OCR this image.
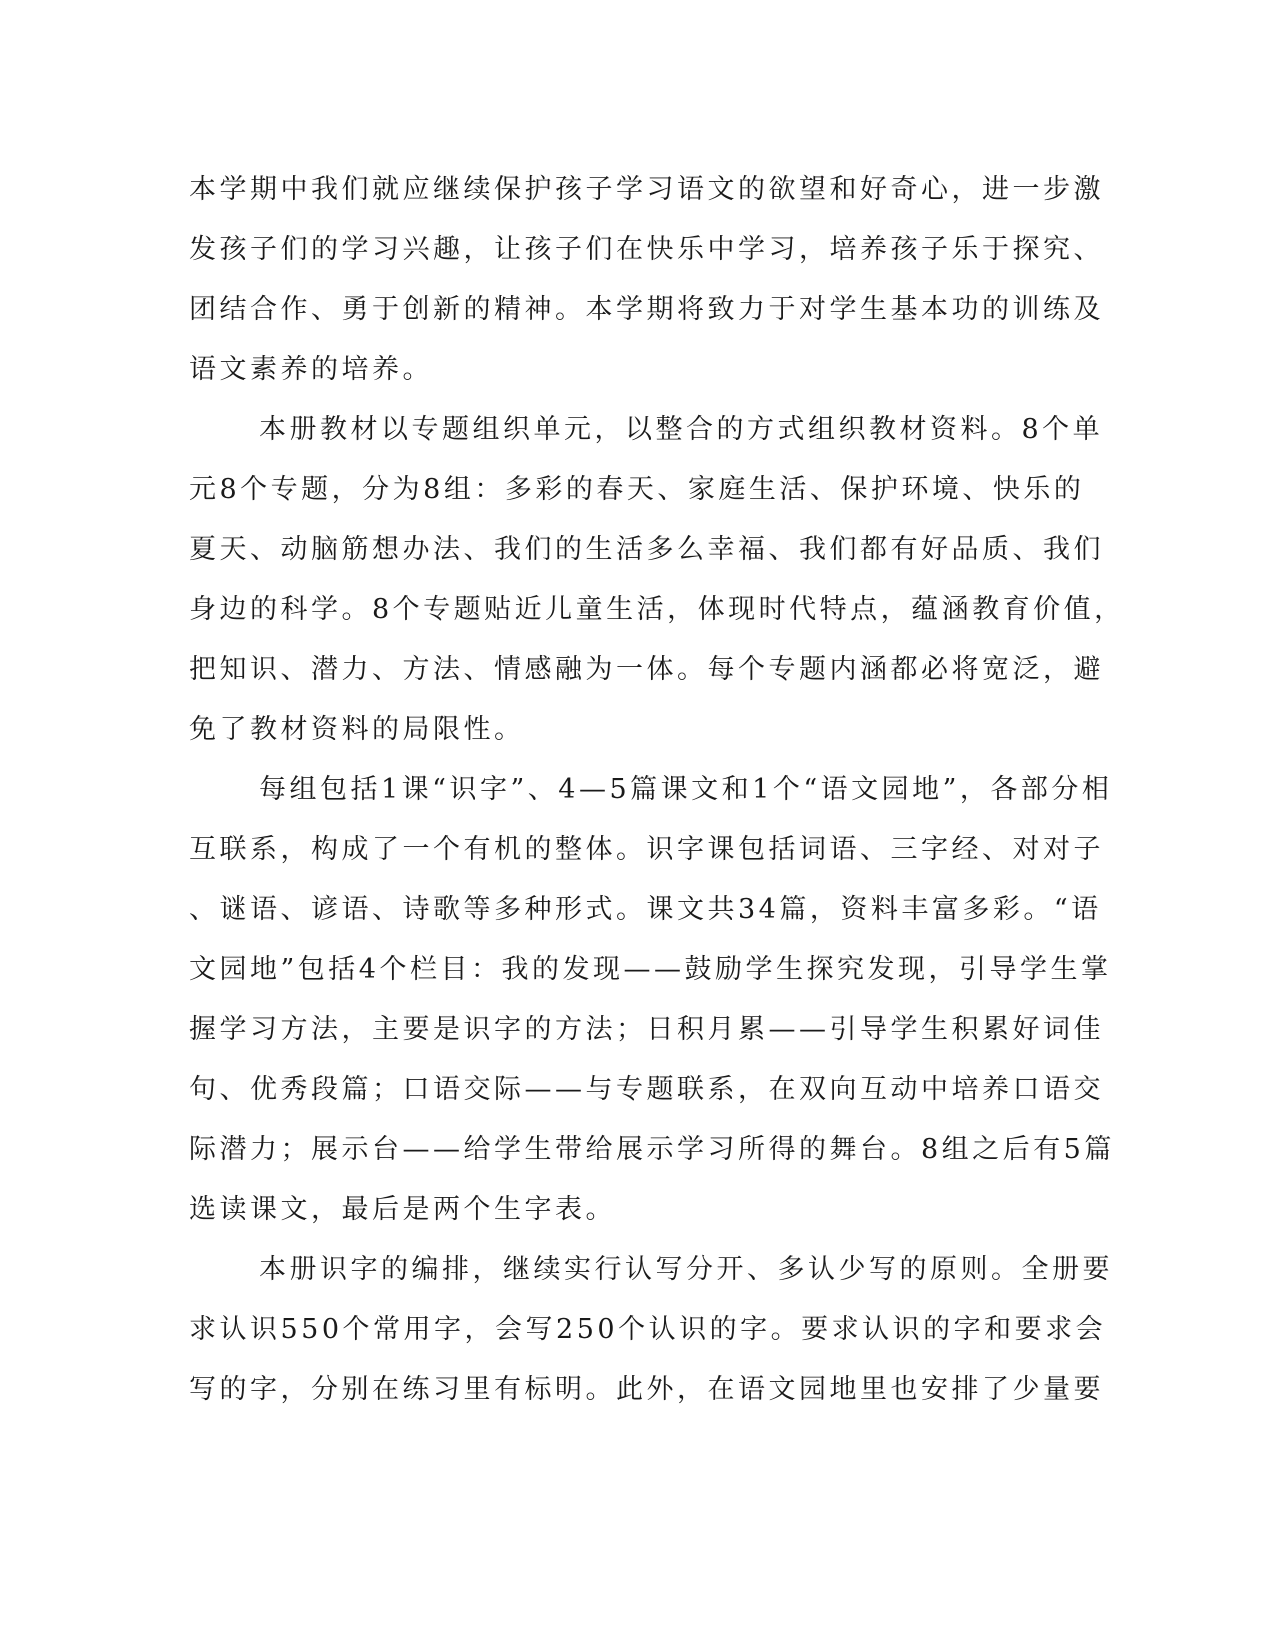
本学期中我们就应继续保护孩子学习语文的欲望和好奇心，进一步激
发孩子们的学习兴趣，让孩子们在快乐中学习，培养孩子乐于探究、
团结合作、勇于创新的精神。本学期将致力于对学生基本功的训练及
语文素养的培养。
本册教材以专题组织单元，以整合的方式组织教材资料。8个单
元8个专题，分为8组：多彩的春天、家庭生活、保护环境、快乐的
夏天、动脑筋想办法、我们的生活多么幸福、我们都有好品质、我们
身边的科学。8个专题贴近儿童生活，体现时代特点，蕴涵教育价值，
把知识、潜力、方法、情感融为一体。每个专题内涵都必将宽泛，避
免了教材资料的局限性。
每组包括1课“识字”、4—5篇课文和1个“语文园地”，各部分相
互联系，构成了一个有机的整体。识字课包括词语、三字经、对对子
、谜语、谚语、诗歌等多种形式。课文共34篇，资料丰富多彩。“语
文园地”包括4个栏目：我的发现——鼓励学生探究发现，引导学生掌
握学习方法，主要是识字的方法；日积月累——引导学生积累好词佳
句、优秀段篇；口语交际——与专题联系，在双向互动中培养口语交
际潜力；展示台——给学生带给展示学习所得的舞台。8组之后有5篇
选读课文，最后是两个生字表。
本册识字的编排，继续实行认写分开、多认少写的原则。全册要
求认识550个常用字，会写250个认识的字。要求认识的字和要求会
写的字，分别在练习里有标明。此外，在语文园地里也安排了少量要
